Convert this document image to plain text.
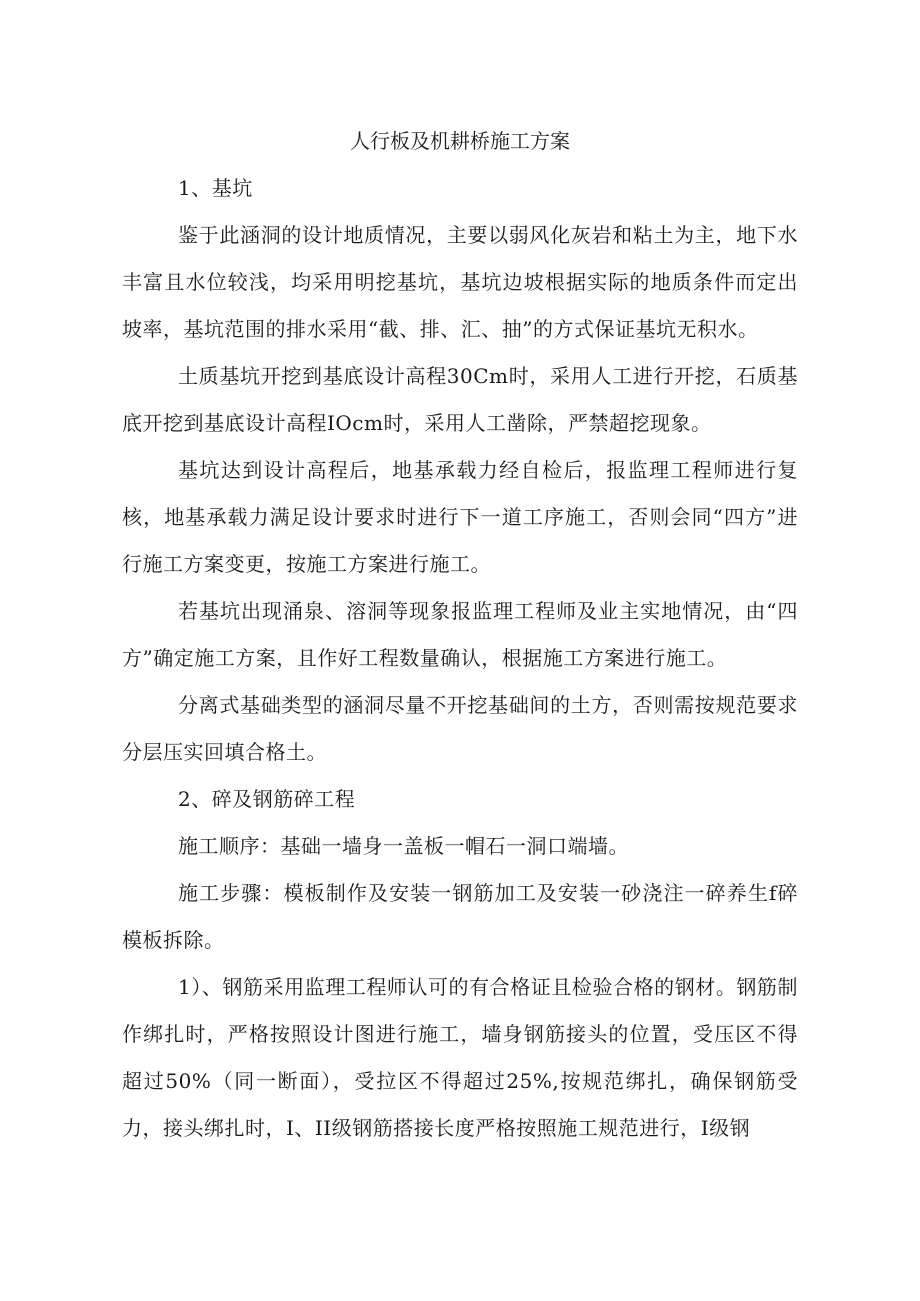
人行板及机耕桥施工方案

1、基坑

鉴于此涵洞的设计地质情况，主要以弱风化灰岩和粘土为主，地下水丰富且水位较浅，均采用明挖基坑，基坑边坡根据实际的地质条件而定出坡率，基坑范围的排水采用“截、排、汇、抽”的方式保证基坑无积水。

土质基坑开挖到基底设计高程30Cm时，采用人工进行开挖，石质基底开挖到基底设计高程IOcm时，采用人工凿除，严禁超挖现象。

基坑达到设计高程后，地基承载力经自检后，报监理工程师进行复核，地基承载力满足设计要求时进行下一道工序施工，否则会同“四方”进行施工方案变更，按施工方案进行施工。

若基坑出现涌泉、溶洞等现象报监理工程师及业主实地情况，由“四方”确定施工方案，且作好工程数量确认，根据施工方案进行施工。

分离式基础类型的涵洞尽量不开挖基础间的土方，否则需按规范要求分层压实回填合格土。

2、碎及钢筋碎工程

施工顺序：基础一墙身一盖板一帽石一洞口端墙。

施工步骤：模板制作及安装一钢筋加工及安装一砂浇注一碎养生f碎模板拆除。

1）、钢筋采用监理工程师认可的有合格证且检验合格的钢材。钢筋制作绑扎时，严格按照设计图进行施工，墙身钢筋接头的位置，受压区不得超过50%（同一断面），受拉区不得超过25%,按规范绑扎，确保钢筋受力，接头绑扎时，I、II级钢筋搭接长度严格按照施工规范进行，I级钢
